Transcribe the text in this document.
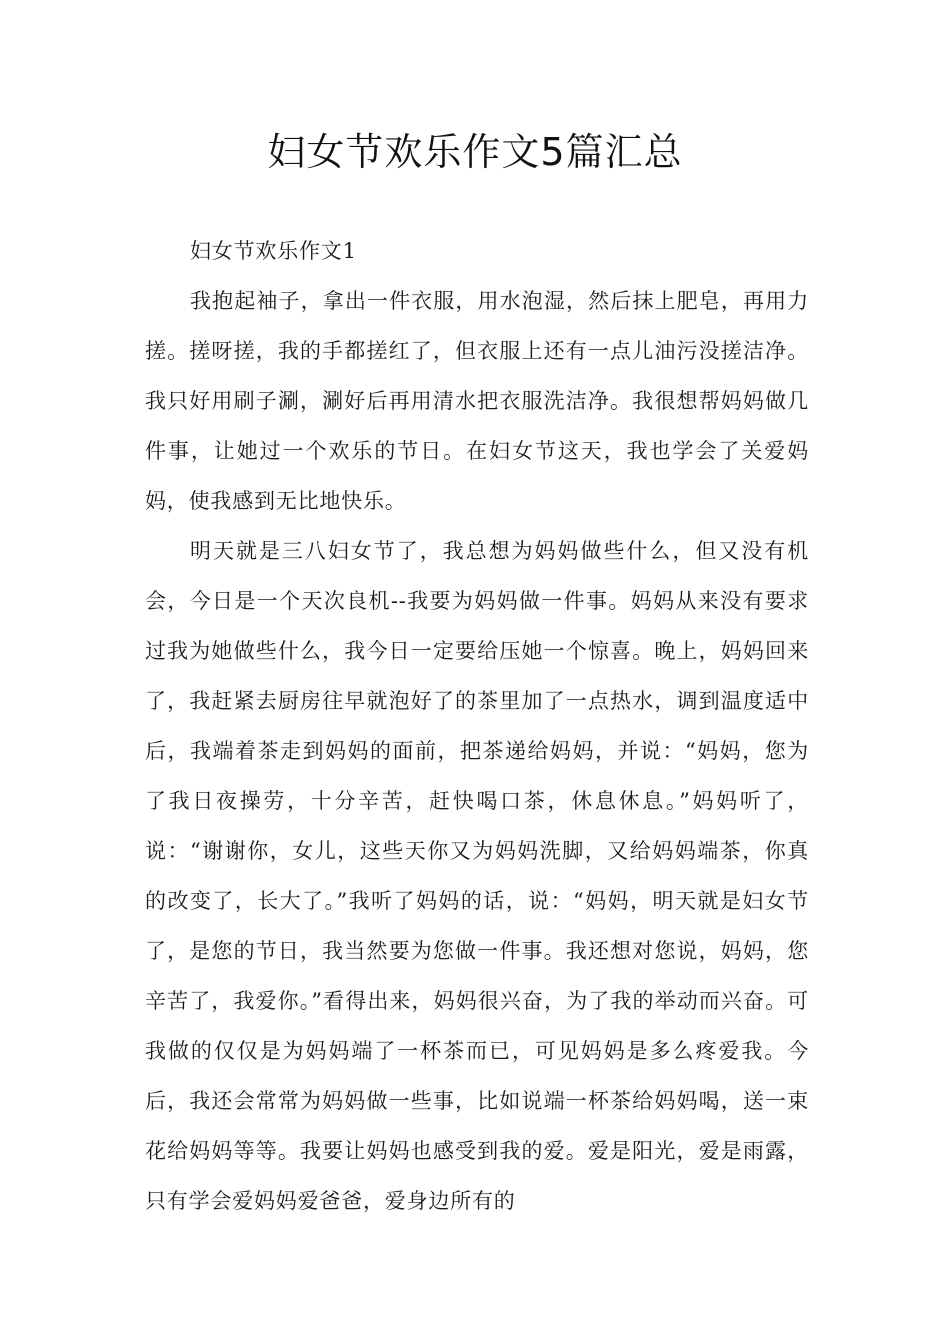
妇女节欢乐作文5篇汇总

妇女节欢乐作文1

我抱起袖子，拿出一件衣服，用水泡湿，然后抹上肥皂，再用力搓。搓呀搓，我的手都搓红了，但衣服上还有一点儿油污没搓洁净。我只好用刷子涮，涮好后再用清水把衣服洗洁净。我很想帮妈妈做几件事，让她过一个欢乐的节日。在妇女节这天，我也学会了关爱妈妈，使我感到无比地快乐。

明天就是三八妇女节了，我总想为妈妈做些什么，但又没有机会，今日是一个天次良机--我要为妈妈做一件事。妈妈从来没有要求过我为她做些什么，我今日一定要给压她一个惊喜。晚上，妈妈回来了，我赶紧去厨房往早就泡好了的茶里加了一点热水，调到温度适中后，我端着茶走到妈妈的面前，把茶递给妈妈，并说：“妈妈，您为了我日夜操劳，十分辛苦，赶快喝口茶，休息休息。”妈妈听了，说：“谢谢你，女儿，这些天你又为妈妈洗脚，又给妈妈端茶，你真的改变了，长大了。”我听了妈妈的话，说：“妈妈，明天就是妇女节了，是您的节日，我当然要为您做一件事。我还想对您说，妈妈，您辛苦了，我爱你。”看得出来，妈妈很兴奋，为了我的举动而兴奋。可我做的仅仅是为妈妈端了一杯茶而已，可见妈妈是多么疼爱我。今后，我还会常常为妈妈做一些事，比如说端一杯茶给妈妈喝，送一束花给妈妈等等。我要让妈妈也感受到我的爱。爱是阳光，爱是雨露，只有学会爱妈妈爱爸爸，爱身边所有的
